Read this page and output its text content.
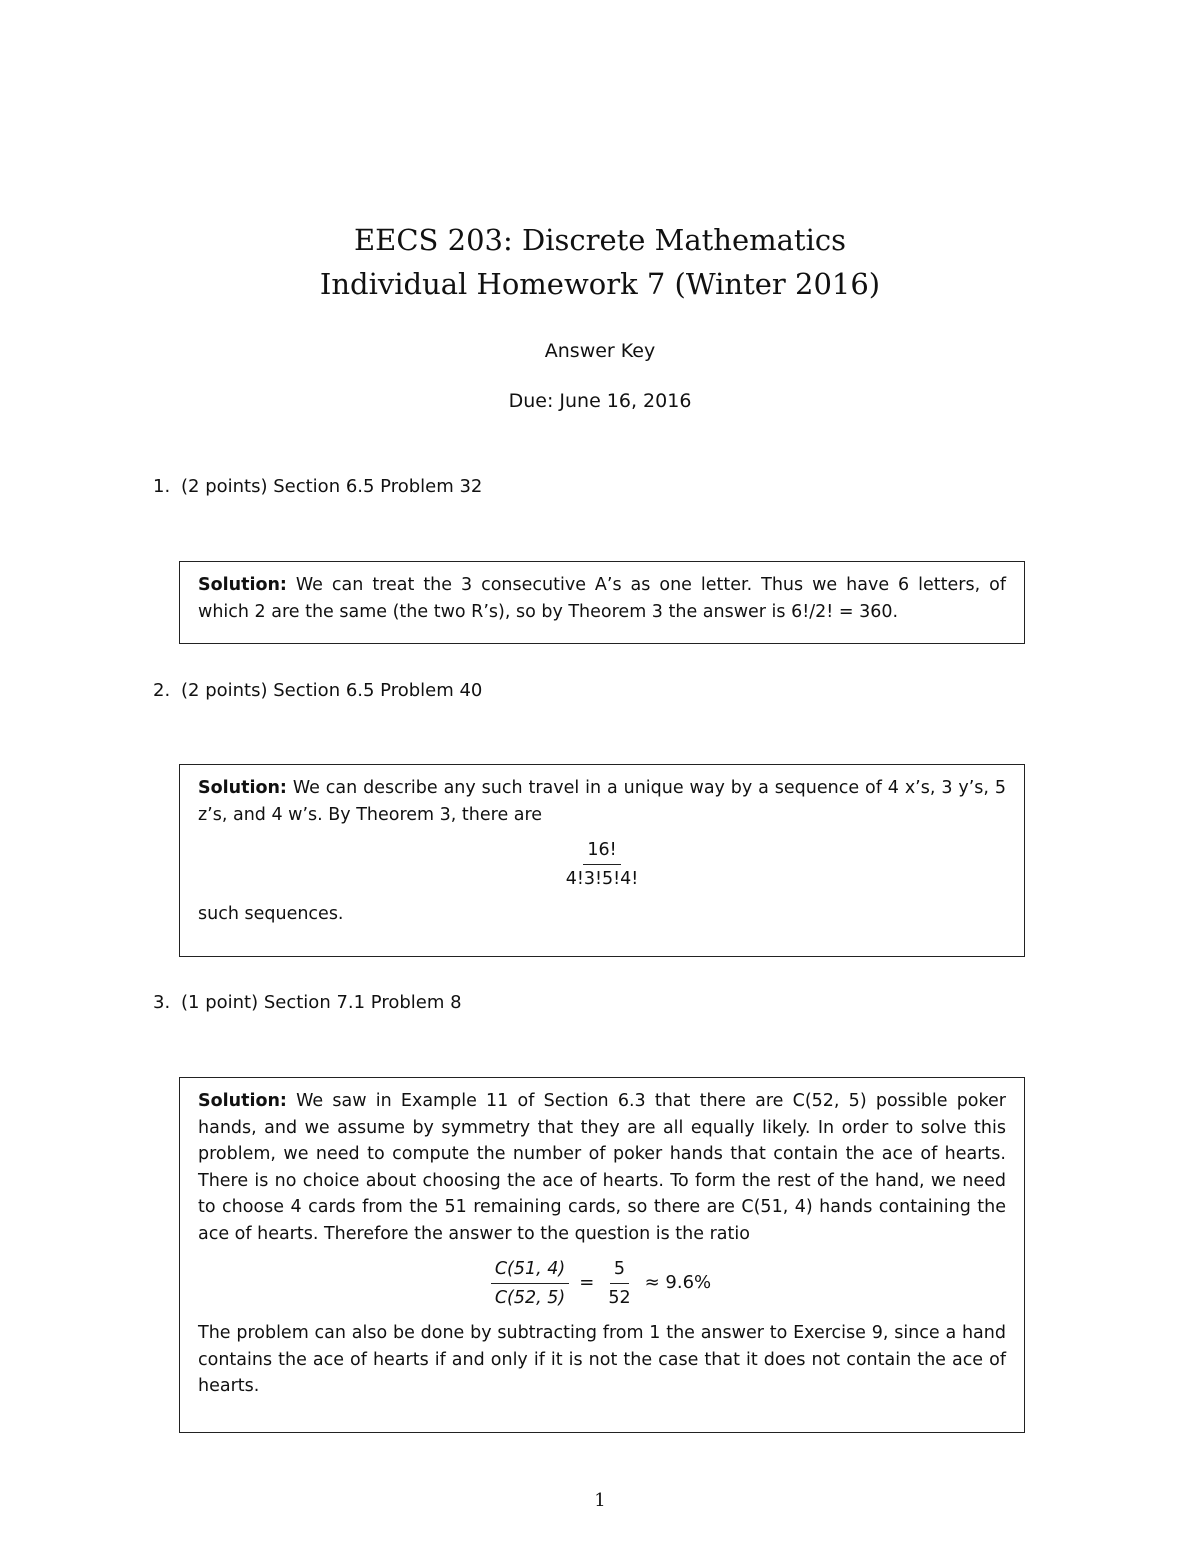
EECS 203: Discrete Mathematics
Individual Homework 7 (Winter 2016)
Answer Key
Due: June 16, 2016
1. (2 points) Section 6.5 Problem 32

Solution: We can treat the 3 consecutive A’s as one letter. Thus we have 6 letters, of which 2 are the same (the two R’s), so by Theorem 3 the answer is 6!/2! = 360.

2. (2 points) Section 6.5 Problem 40

Solution: We can describe any such travel in a unique way by a sequence of 4 x’s, 3 y’s, 5 z’s, and 4 w’s. By Theorem 3, there are

$\frac{16!}{4!3!5!4!}$

such sequences.

3. (1 point) Section 7.1 Problem 8

Solution: We saw in Example 11 of Section 6.3 that there are C(52, 5) possible poker hands, and we assume by symmetry that they are all equally likely. In order to solve this problem, we need to compute the number of poker hands that contain the ace of hearts. There is no choice about choosing the ace of hearts. To form the rest of the hand, we need to choose 4 cards from the 51 remaining cards, so there are C(51, 4) hands containing the ace of hearts. Therefore the answer to the question is the ratio

$\frac{C(51, 4)}{C(52, 5)} = \frac{5}{52} \approx 9.6\%$

The problem can also be done by subtracting from 1 the answer to Exercise 9, since a hand contains the ace of hearts if and only if it is not the case that it does not contain the ace of hearts.

1
